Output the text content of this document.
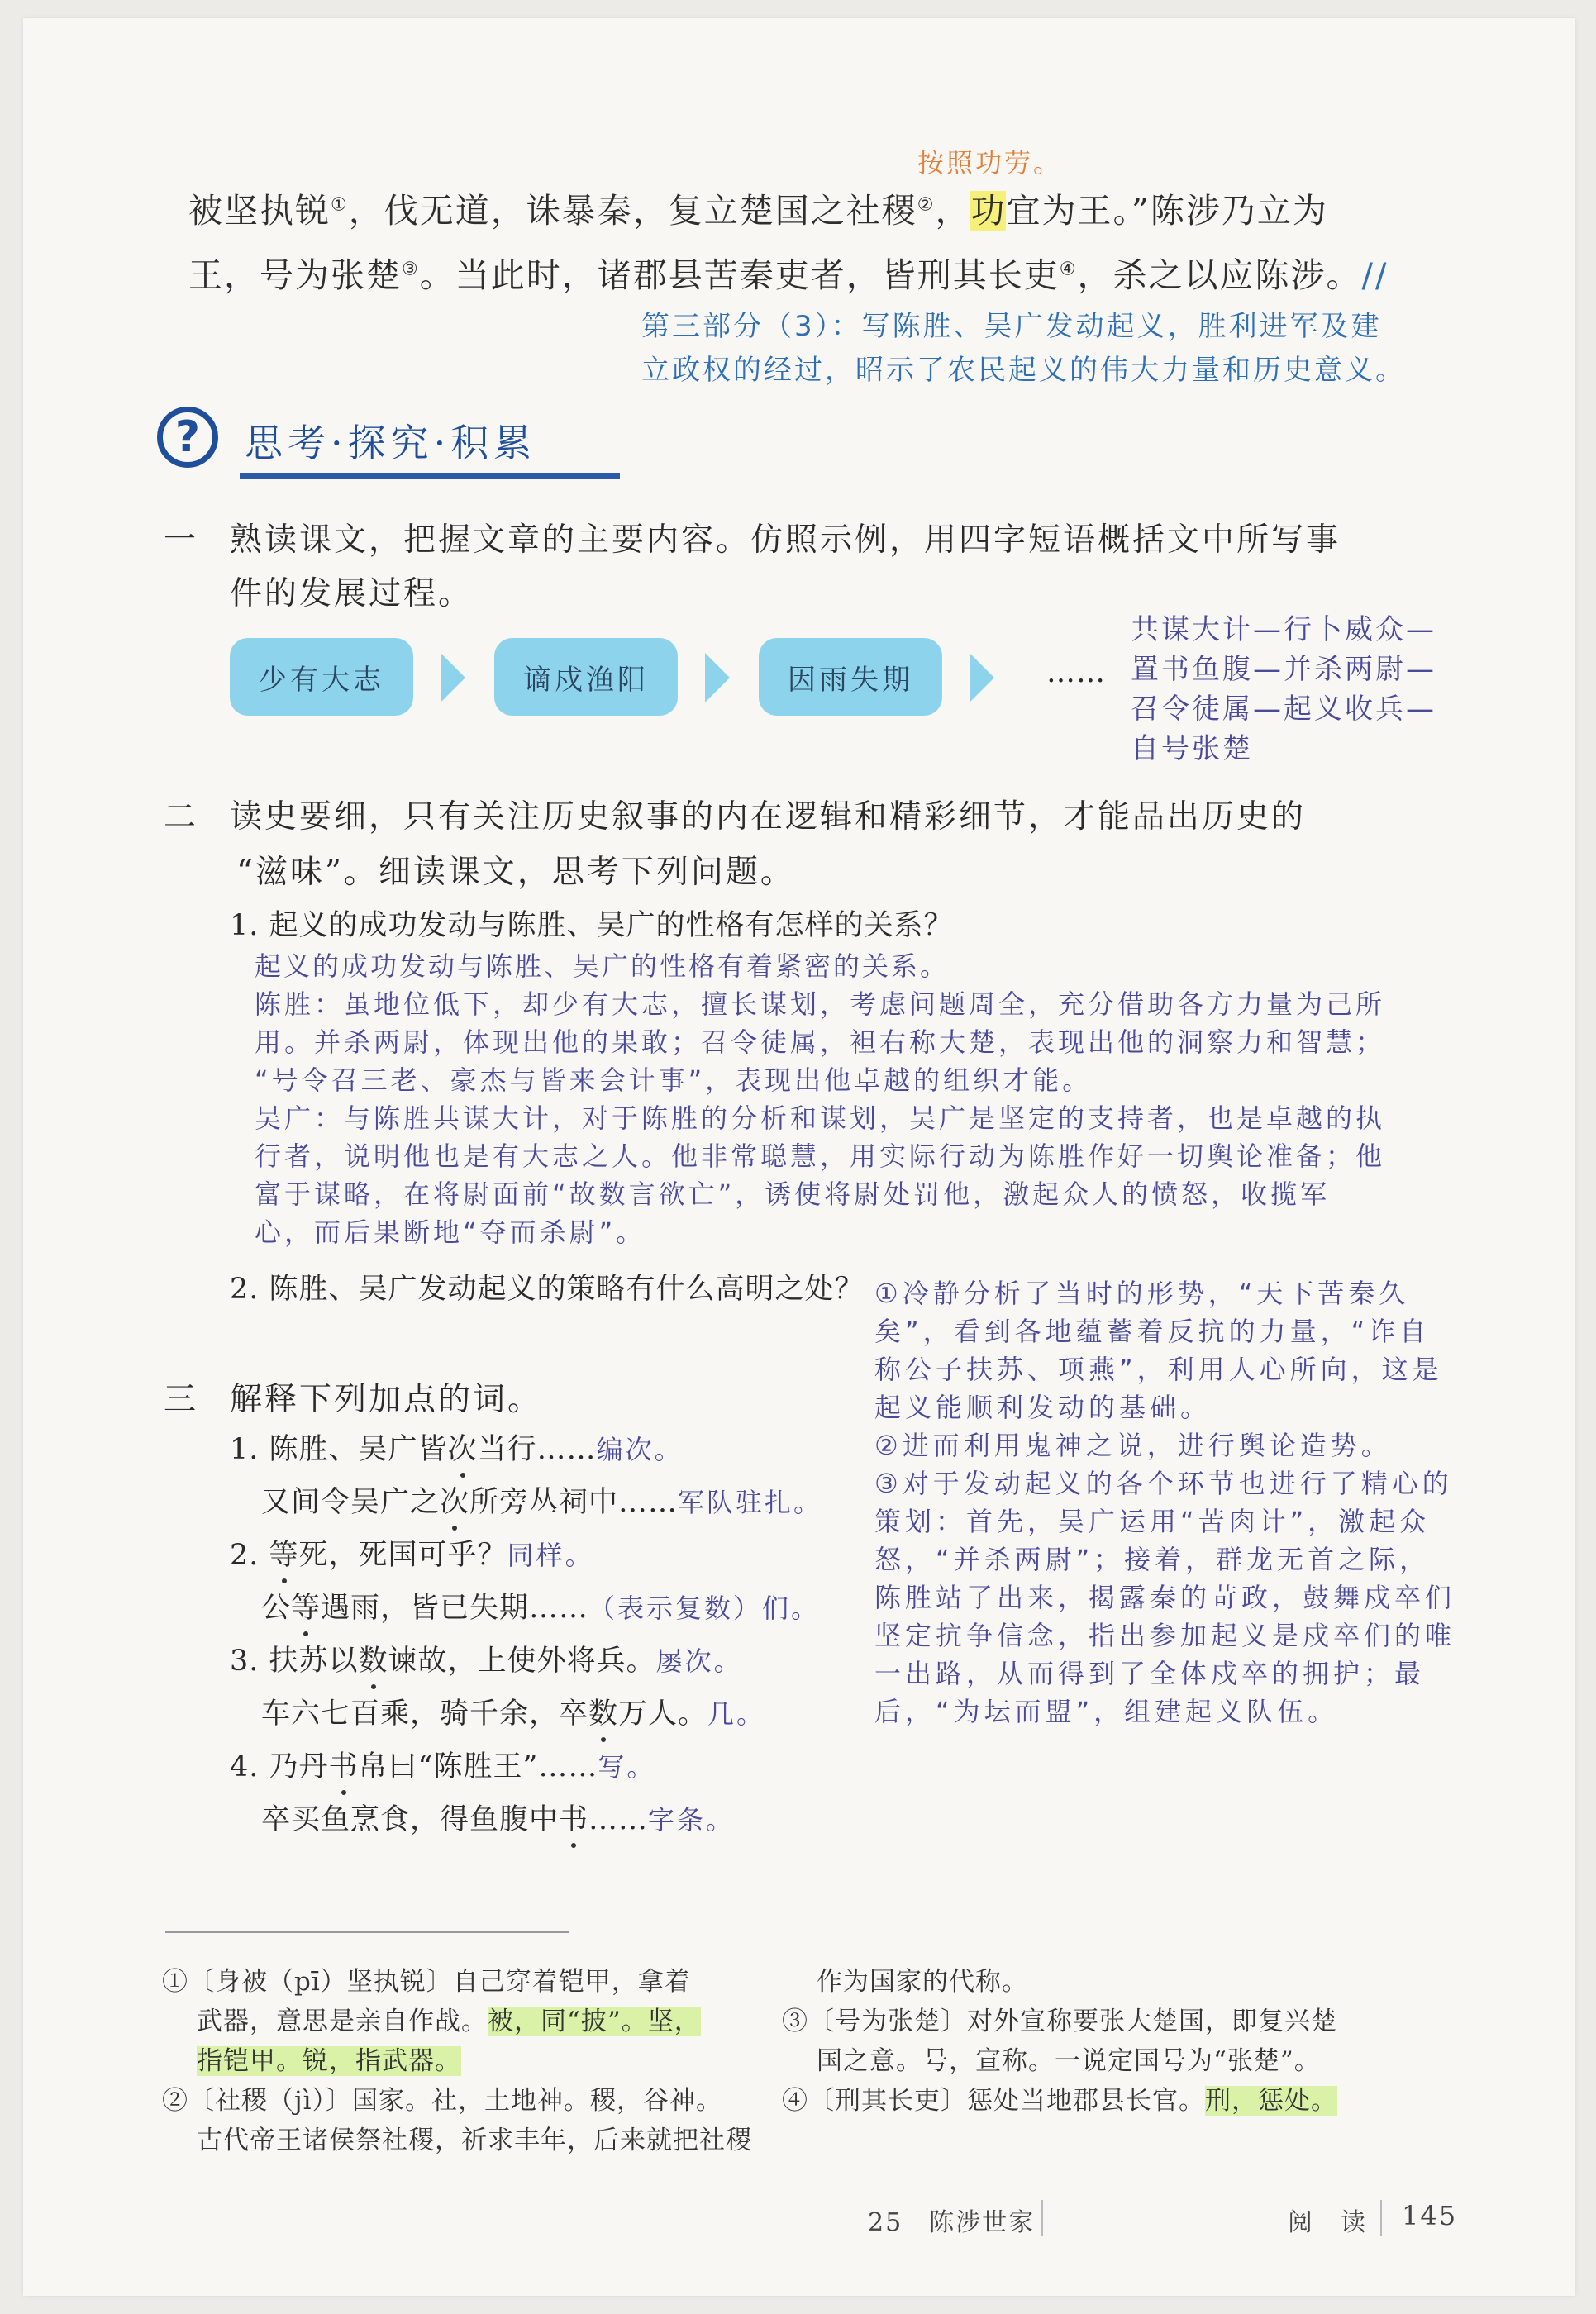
按照功劳。
被坚执锐①，伐无道，诛暴秦，复立楚国之社稷②，功宜为王。”陈涉乃立为
王，号为张楚③。当此时，诸郡县苦秦吏者，皆刑其长吏④，杀之以应陈涉。//
第三部分（3）：写陈胜、吴广发动起义，胜利进军及建
立政权的经过，昭示了农民起义的伟大力量和历史意义。
? 思考·探究·积累
一 熟读课文，把握文章的主要内容。仿照示例，用四字短语概括文中所写事
件的发展过程。
少有大志	谪戍渔阳	因雨失期	……
共谋大计—行卜威众—
置书鱼腹—并杀两尉—
召令徒属—起义收兵—
自号张楚
二 读史要细，只有关注历史叙事的内在逻辑和精彩细节，才能品出历史的
“滋味”。细读课文，思考下列问题。
1. 起义的成功发动与陈胜、吴广的性格有怎样的关系？
起义的成功发动与陈胜、吴广的性格有着紧密的关系。
陈胜：虽地位低下，却少有大志，擅长谋划，考虑问题周全，充分借助各方力量为己所
用。并杀两尉，体现出他的果敢；召令徒属，袒右称大楚，表现出他的洞察力和智慧；
“号令召三老、豪杰与皆来会计事”，表现出他卓越的组织才能。
吴广：与陈胜共谋大计，对于陈胜的分析和谋划，吴广是坚定的支持者，也是卓越的执
行者，说明他也是有大志之人。他非常聪慧，用实际行动为陈胜作好一切舆论准备；他
富于谋略，在将尉面前“故数言欲亡”，诱使将尉处罚他，激起众人的愤怒，收揽军
心，而后果断地“夺而杀尉”。
2. 陈胜、吴广发动起义的策略有什么高明之处？ ①冷静分析了当时的形势，“天下苦秦久
矣”，看到各地蕴蓄着反抗的力量，“诈自
称公子扶苏、项燕”，利用人心所向，这是
起义能顺利发动的基础。
②进而利用鬼神之说，进行舆论造势。
③对于发动起义的各个环节也进行了精心的
策划：首先，吴广运用“苦肉计”，激起众
怒，“并杀两尉”；接着，群龙无首之际，
陈胜站了出来，揭露秦的苛政，鼓舞戍卒们
坚定抗争信念，指出参加起义是戍卒们的唯
一出路，从而得到了全体戍卒的拥护；最
后，“为坛而盟”，组建起义队伍。
三 解释下列加点的词。
1. 陈胜、吴广皆次当行……编次。
又间令吴广之次所旁丛祠中……军队驻扎。
2. 等死，死国可乎？同样。
公等遇雨，皆已失期……（表示复数）们。
3. 扶苏以数谏故，上使外将兵。屡次。
车六七百乘，骑千余，卒数万人。几。
4. 乃丹书帛曰“陈胜王”……写。
卒买鱼烹食，得鱼腹中书……字条。
①〔身被（pī）坚执锐〕自己穿着铠甲，拿着
武器，意思是亲自作战。被，同“披”。坚，
指铠甲。锐，指武器。
②〔社稷（jì）〕国家。社，土地神。稷，谷神。
古代帝王诸侯祭社稷，祈求丰年，后来就把社稷
作为国家的代称。
③〔号为张楚〕对外宣称要张大楚国，即复兴楚
国之意。号，宣称。一说定国号为“张楚”。
④〔刑其长吏〕惩处当地郡县长官。刑，惩处。
25　陈涉世家	阅　读 145
